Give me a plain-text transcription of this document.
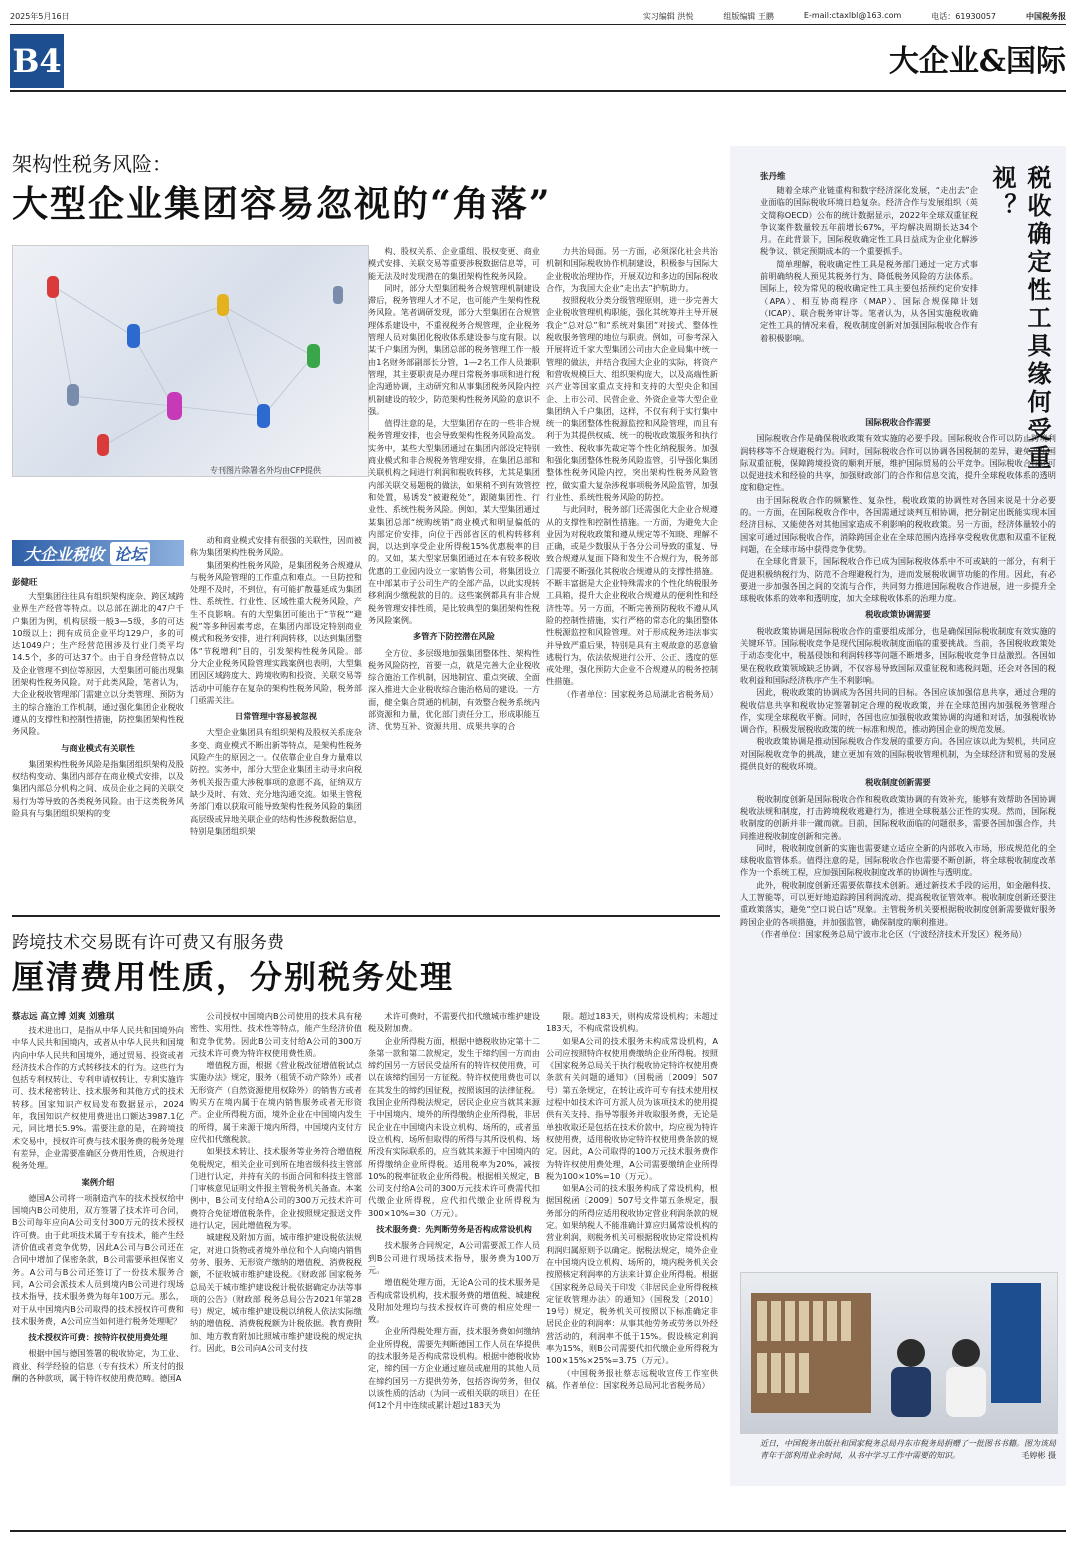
2025年5月16日	实习编辑 洪悦	组版编辑 王鹏	E-mail:ctaxlbl@163.com	电话：61930057	中国税务报
B4	大企业&国际
架构性税务风险：
大型企业集团容易忽视的“角落”
专刊图片除署名外均由CFP提供
大企业税收 论坛
彭健旺

大型集团往往具有组织架构庞杂、跨区域跨业界生产经营等特点。以总部在湖北的47户千户集团为例，机构层级一般3—5级，多的可达10级以上；拥有成员企业平均129户，多的可达1049户；生产经营范围涉及行业门类平均14.5个，多的可达37个。由于自身经营特点以及企业管理不到位等原因，大型集团可能出现集团架构性税务风险。对于此类风险，笔者认为，大企业税收管理部门需建立以分类管理、预防为主的综合施治工作机制，通过强化集团企业税收遵从的支撑性和控制性措施，防控集团架构性税务风险。

与商业模式有关联性

集团架构性税务风险是指集团组织架构及股权结构变动、集团内部存在商业模式安排，以及集团内部总分机构之间、成员企业之间的关联交易行为等导致的各类税务风险。由于这类税务风险具有与集团组织架构的变

动和商业模式安排有很强的关联性，因而被称为集团架构性税务风险。

集团架构性税务风险，是集团税务合规遵从与税务风险管理的工作重点和难点。一旦防控和处理不及时，不到位，有可能扩散蔓延成为集团性、系统性、行业性、区域性重大税务风险，产生不良影响。有的大型集团可能出于“节税”“避税”等多种因素考虑，在集团内部设定特别商业模式和税务安排，进行利润转移，以达到集团整体“节税增利”目的，引发架构性税务风险。部分大企业税务风险管理实践案例也表明，大型集团因区域跨度大、跨境收购和投资、关联交易等活动中可能存在复杂的架构性税务风险，税务部门亟需关注。

日常管理中容易被忽视

大型企业集团具有组织架构及股权关系庞杂多变、商业模式不断出新等特点，是架构性税务风险产生的原因之一。仅依靠企业自身力量难以防控。实务中，部分大型企业集团主动寻求向税务机关报告重大涉税事项的意愿不高，征纳双方缺少及时、有效、充分地沟通交流。如果主管税务部门难以获取可能导致架构性税务风险的集团高层级或异地关联企业的结构性涉税数据信息，特别是集团组织架

构、股权关系、企业重组、股权变更、商业模式安排、关联交易等重要涉税数据信息等，可能无法及时发现潜在的集团架构性税务风险。

同时，部分大型集团税务合规管理机制建设滞后，税务管理人才不足，也可能产生架构性税务风险。笔者调研发现，部分大型集团在合规管理体系建设中，不重视税务合规管理，企业税务管理人员对集团化税收体系建设参与度有限。以某千户集团为例，集团总部的税务管理工作一般由1名财务部副部长分管，1—2名工作人员兼职管理，其主要职责是办理日常税务事项和进行税企沟通协调，主动研究和从事集团税务风险内控机制建设的较少，防范架构性税务风险的意识不强。

值得注意的是，大型集团存在的一些非合规税务管理安排，也会导致架构性税务风险高发。实务中，某些大型集团通过在集团内部设定特别商业模式和非合规税务管理安排，在集团总部和关联机构之间进行利润和税收转移，尤其是集团内部关联交易题税的做法，如果稍不到有效管控和处置，易诱发“被避税处”，跟随集团性、行业性、系统性税务风险。例如，某大型集团通过某集团总部“统购统销”商业模式和明显偏低的内部定价安排，向位于西部省区的机构转移利润，以达到享受企业所得税15%优惠税率的目的。又如，某大型家居集团通过在本有较多税收优惠的工业园内设立一家销售公司，将集团设立在中部某市子公司生产的全部产品，以此实现转移利润少缴税款的目的。这些案例都具有非合规税务管理安排性质，是比较典型的集团架构性税务风险案例。

多管齐下防控潜在风险

全方位、多层级地加强集团整体性、架构性税务风险防控，首要一点，就是完善大企业税收综合施治工作机制，因地制宜、重点突破、全面深入推进大企业税收综合施治格局的建设。一方面，健全集合贯通的机制，有效整合税务系统内部资源和力量，优化部门责任分工，形成职能互济、优势互补、资源共用、成果共享的合

力共治局面。另一方面，必须深化社会共治机制和国际税收协作机制建设，积极参与国际大企业税收治理协作，开展双边和多边的国际税收合作，为我国大企业“走出去”护航助力。

按照税收分类分级管理原则，进一步完善大企业税收管理机构职能，强化其统筹并主导开展我企“总对总”和“系统对集团”对接式、整体性税收服务管理的地位与职责。例如，可参考深入开展将近千家大型集团公司由大企业局集中统一管理的做法，并结合我国大企业的实际，将资产和营收规模巨大、组织架构庞大，以及高端性新兴产业等国家重点支持和支持的大型央企和国企、上市公司、民营企业、外资企业等大型企业集团纳入千户集团，这样，不仅有利于实行集中统一的集团整体性税源监控和风险管理，而且有利于为其提供权威、统一的税收政策服务和执行一致性、税收事先裁定等个性化纳税服务。加强和强化集团整体性税务风险监管，引导强化集团整体性税务风险内控，突出架构性税务风险管控，做实重大复杂涉税事项税务风险监管，加强行业性、系统性税务风险的防控。

与此同时，税务部门还需强化大企业合规遵从的支撑性和控制性措施。一方面，为避免大企业因为对税收政策和遵从规定等不知晓、理解不正确，或是少数服从于各分公司导致的重复、导致合规遵从复面下降和发生不合规行为，税务部门需要不断强化其税收合规遵从的支撑性措施。不断丰富据是大企业特殊需求的个性化纳税服务工具箱，提升大企业税收合规遵从的便利性和经济性等。另一方面，不断完善预防税收不遵从风险的控制性措施，实行严格的常态化的集团整体性税源监控和风险管理。对于形成税务违法事实并导致严重后果，特别是具有主观故意的恶意偷逃税行为，依法依规进行公开、公正、透度的惩戒处理，强化预防大企业不合规遵从的税务控制性措施。

（作者单位：国家税务总局湖北省税务局）

跨境技术交易既有许可费又有服务费
厘清费用性质，分别税务处理
蔡志远 高立博 刘爽 刘雅琪

技术进出口，是指从中华人民共和国境外向中华人民共和国境内，或者从中华人民共和国境内向中华人民共和国境外，通过贸易、投资或者经济技术合作的方式转移技术的行为。这些行为包括专利权转让、专利申请权转让、专利实施许可、技术秘密转让、技术服务和其他方式的技术转移。国家知识产权局发布数据显示，2024年，我国知识产权使用费进出口额达3987.1亿元，同比增长5.9%。需要注意的是，在跨境技术交易中，授权许可费与技术服务费的税务处理有差异，企业需要准确区分费用性质，合规进行税务处理。

案例介绍

德国A公司将一项制造汽车的技术授权给中国境内B公司使用，双方签署了技术许可合同，B公司每年应向A公司支付300万元的技术授权许可费。由于此项技术属于专有技术，能产生经济价值或者竞争优势，因此A公司与B公司还在合同中增加了保密条款，B公司需要承担保密义务。A公司与B公司还签订了一份技术服务合同，A公司会派技术人员到境内B公司进行现场技术指导，技术服务费为每年100万元。那么，对于从中国境内B公司取得的技术授权许可费和技术服务费，A公司应当如何进行税务处理呢？

技术授权许可费：按特许权使用费处理

根据中国与德国签署的税收协定，为工业、商业、科学经验的信息（专有技术）所支付的报酬的各种款项，属于特许权使用费范畴。德国A

公司授权中国境内B公司使用的技术具有秘密性、实用性、技术性等特点，能产生经济价值和竞争优势。因此B公司支付给A公司的300万元技术许可费为特许权使用费性质。

增值税方面，根据《营业税改征增值税试点实施办法》规定，服务（租赁不动产除外）或者无形资产（自然资源使用权除外）的销售方或者购买方在境内属于在境内销售服务或者无形资产。企业所得税方面，境外企业在中国境内发生的所得，属于来源于境内所得，中国境内支付方应代扣代缴税款。

如果技术转让、技术服务等业务符合增值税免税规定，相关企业可到所在地省级科技主管部门进行认定，并持有关的书面合同和科技主管部门审核意见证明文件报主管税务机关备查。本案例中，B公司支付给A公司的300万元技术许可费符合免征增值税条件，企业按照规定报送文件进行认定，因此增值税为零。

城建税及附加方面，城市维护建设税依法规定，对进口货物或者境外单位和个人向境内销售劳务、服务、无形资产缴纳的增值税、消费税税额，不征收城市维护建设税。《财政部 国家税务总局关于城市维护建设税计税依据确定办法等事项的公告》（财政部 税务总局公告2021年第28号）规定，城市维护建设税以纳税人依法实际缴纳的增值税、消费税税额为计税依据。教育费附加、地方教育附加比照城市维护建设税的规定执行。因此，B公司向A公司支付技

术许可费时，不需要代扣代缴城市维护建设税及附加费。

企业所得税方面，根据中德税收协定第十二条第一款和第二款规定，发生于缔约国一方而由缔约国另一方居民受益所有的特许权使用费，可以在该缔约国另一方征税。特许权使用费也可以在其发生的缔约国征税，按照该国的法律征税。我国企业所得税法规定，居民企业应当就其来源于中国境内、境外的所得缴纳企业所得税，非居民企业在中国境内未设立机构、场所的，或者虽设立机构、场所但取得的所得与其所设机构、场所没有实际联系的，应当就其来源于中国境内的所得缴纳企业所得税。适用税率为20%，减按10%的税率征收企业所得税。根据相关规定，B公司支付给A公司的300万元技术许可费需代扣代缴企业所得税，应代扣代缴企业所得税为300×10%=30（万元）。

技术服务费：先判断劳务是否构成常设机构

技术服务合同规定，A公司需要派工作人员到B公司进行现场技术指导，服务费为100万元。

增值税处理方面，无论A公司的技术服务是否构成常设机构，技术服务费的增值税、城建税及附加处理均与技术授权许可费的相应处理一致。

企业所得税处理方面，技术服务费如何缴纳企业所得税，需要先判断德国工作人员在华提供的技术服务是否构成常设机构。根据中德税收协定，缔约国一方企业通过雇员或雇用的其他人员在缔约国另一方提供劳务，包括咨询劳务，但仅以该性质的活动（为同一或相关联的项目）在任何12个月中连续或累计超过183天为

限。超过183天，则构成常设机构；未超过183天，不构成常设机构。

如果A公司的技术服务未构成常设机构，A公司应按照特许权使用费缴纳企业所得税。按照《国家税务总局关于执行税收协定特许权使用费条款有关问题的通知》（国税函〔2009〕507号）第五条规定，在转让或许可专有技术使用权过程中如技术许可方派人员为该项技术的使用提供有关支持、指导等服务并收取服务费，无论是单独收取还是包括在技术价款中，均应视为特许权使用费，适用税收协定特许权使用费条款的规定。因此，A公司取得的100万元技术服务费作为特许权使用费处理，A公司需要缴纳企业所得税为100×10%=10（万元）。

如果A公司的技术服务构成了常设机构，根据国税函〔2009〕507号文件第五条规定，服务部分的所得应适用税收协定营业利润条款的规定。如果纳税人不能准确计算应归属常设机构的营业利润，则税务机关可根据税收协定常设机构利润归属原则予以确定。据税法规定，境外企业在中国境内设立机构、场所的，境内税务机关会按照核定利润率的方法来计算企业所得税。根据《国家税务总局关于印发〈非居民企业所得税核定征收管理办法〉的通知》（国税发〔2010〕19号）规定，税务机关可按照以下标准确定非居民企业的利润率：从事其他劳务或劳务以外经营活动的，利润率不低于15%。假设核定利润率为15%，则B公司需要代扣代缴企业所得税为100×15%×25%=3.75（万元）。

（中国税务报社蔡志远税收宣传工作室供稿。作者单位：国家税务总局河北省税务局）

税收确定性工具缘何受重视？
张丹维

随着全球产业链重构和数字经济深化发展，“走出去”企业面临的国际税收环境日趋复杂。经济合作与发展组织（英文简称OECD）公布的统计数据显示，2022年全球双重征税争议案件数量较五年前增长67%，平均解决周期长达34个月。在此背景下，国际税收确定性工具日益成为企业化解涉税争议、锁定预期成本的一个重要抓手。

简单理解，税收确定性工具是税务部门通过一定方式事前明确纳税人预见其税务行为、降低税务风险的方法体系。国际上，较为常见的税收确定性工具主要包括预约定价安排（APA）、相互协商程序（MAP）、国际合规保障计划（ICAP）、联合税务审计等。笔者认为，从各国实施税收确定性工具的情况来看，税收制度创新对加强国际税收合作有着积极影响。

国际税收合作需要

国际税收合作是确保税收政策有效实施的必要手段。国际税收合作可以防止跨境利润转移等不合规避税行为。同时，国际税收合作可以协调各国税制的差异，避免产生国际双重征税，保障跨境投资的顺利开展，维护国际贸易的公平竞争。国际税收合作还可以促进技术和经验的共享，加强财政部门的合作和信息交流，提升全球税收体系的透明度和稳定性。

由于国际税收合作的频繁性、复杂性，税收政策的协调性对各国来说是十分必要的。一方面，在国际税收合作中，各国需通过谈判互相协调，把分制定出既能实现本国经济目标、又能使各对其他国家造成不利影响的税收政策。另一方面，经济体量较小的国家可通过国际税收合作，消除跨国企业在全球范围内选择享受税收优惠和双重不征税问题，在全球市场中获得竞争优势。

在全球化背景下，国际税收合作已成为国际税收体系中不可或缺的一部分，有利于促进积极纳税行为、防范不合理避税行为，进而发展税收调节功能的作用。因此，有必要进一步加强各国之间的交流与合作，共同努力推进国际税收合作进展，进一步提升全球税收体系的效率和透明度，加大全球税收体系的治理力度。

税收政策协调需要

税收政策协调是国际税收合作的重要组成部分，也是确保国际税收制度有效实施的关键环节。国际税收竞争是现代国际税收制度面临的重要挑战。当前，各国税收政策处于动态变化中，税基侵蚀和利润转移等问题不断增多，国际税收竞争日益激烈。各国如果在税收政策领域缺乏协调，不仅容易导致国际双重征税和逃税问题，还会对各国的税收利益和国际经济秩序产生不利影响。

因此，税收政策的协调成为各国共同的目标。各国应该加强信息共享，通过合理的税收信息共享和税收协定签署制定合理的税收政策，并在全球范围内加强税务管理合作，实现全球税收平衡。同时，各国也应加强税收政策协调的沟通和对话，加强税收协调合作，积极发展税收政策的统一标准和规范，推动跨国企业的规范发展。

税收政策协调是推动国际税收合作发展的重要方向。各国应该以此为契机，共同应对国际税收竞争的挑战，建立更加有效的国际税收管理机制，为全球经济和贸易的发展提供良好的税收环境。

税收制度创新需要

税收制度创新是国际税收合作和税收政策协调的有效补充，能够有效帮助各国协调税收法规和制度，打击跨境税收逃避行为，推进全球税基公正性的实现。然而，国际税收制度的创新并非一蹴而就。目前，国际税收面临的问题很多，需要各国加强合作，共同推进税收制度创新和完善。

同时，税收制度创新的实施也需要建立适应全新的内部收入市场，形成规范化的全球税收监管体系。值得注意的是，国际税收合作也需要不断创新，将全球税收制度改革作为一个系统工程，应加强国际税收制度改革的协调性与透明度。

此外，税收制度创新还需要依靠技术创新。通过新技术手段的运用，如金融科技、人工智能等，可以更好地追踪跨国利润流动、提高税收征管效率。税收制度创新还要注重政策落实，避免“空口说白话”现象。主管税务机关要根据税收制度创新需要做好服务跨国企业的各项措施，并加强监管，确保制度的顺利推进。

（作者单位：国家税务总局宁波市北仑区（宁波经济技术开发区）税务局）

近日，中国税务出版社和国家税务总局丹东市税务局捐赠了一批图书书籍。图为该局青年干部利用业余时间，从书中学习工作中需要的知识。	毛婷彬 摄
